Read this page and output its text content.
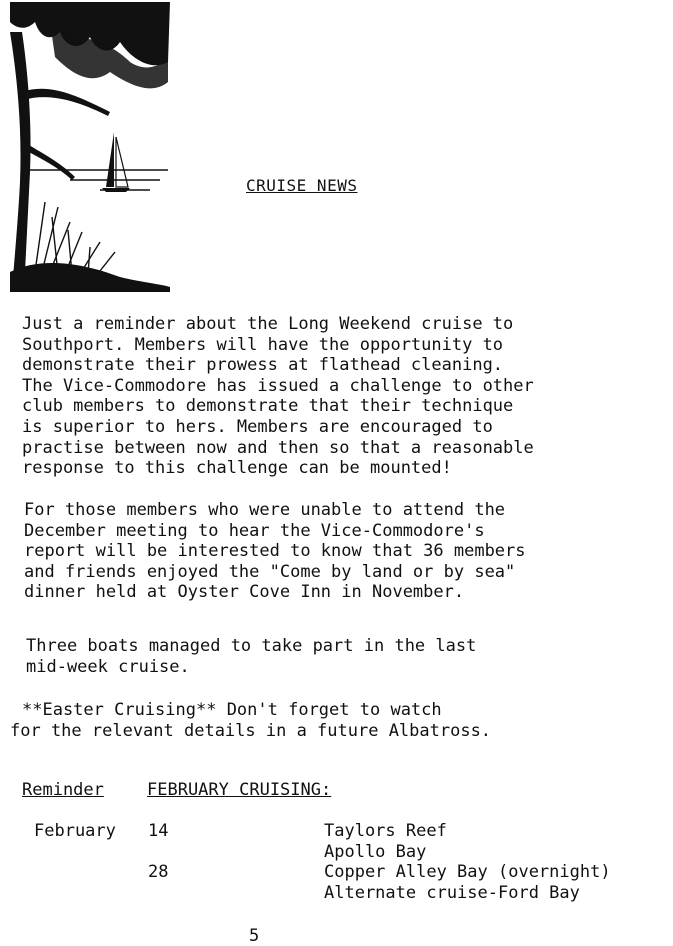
CRUISE NEWS
Just a reminder about the Long Weekend cruise to
Southport. Members will have the opportunity to
demonstrate their prowess at flathead cleaning.
The Vice-Commodore has issued a challenge to other
club members to demonstrate that their technique
is superior to hers. Members are encouraged to
practise between now and then so that a reasonable
response to this challenge can be mounted!
For those members who were unable to attend the
December meeting to hear the Vice-Commodore's
report will be interested to know that 36 members
and friends enjoyed the "Come by land or by sea"
dinner held at Oyster Cove Inn in November.
Three boats managed to take part in the last
mid-week cruise.
**Easter Cruising** Don't forget to watch
for the relevant details in a future Albatross.
Reminder	FEBRUARY CRUISING:
February 14	Taylors Reef
Apollo Bay
28	Copper Alley Bay (overnight)
Alternate cruise-Ford Bay
5
